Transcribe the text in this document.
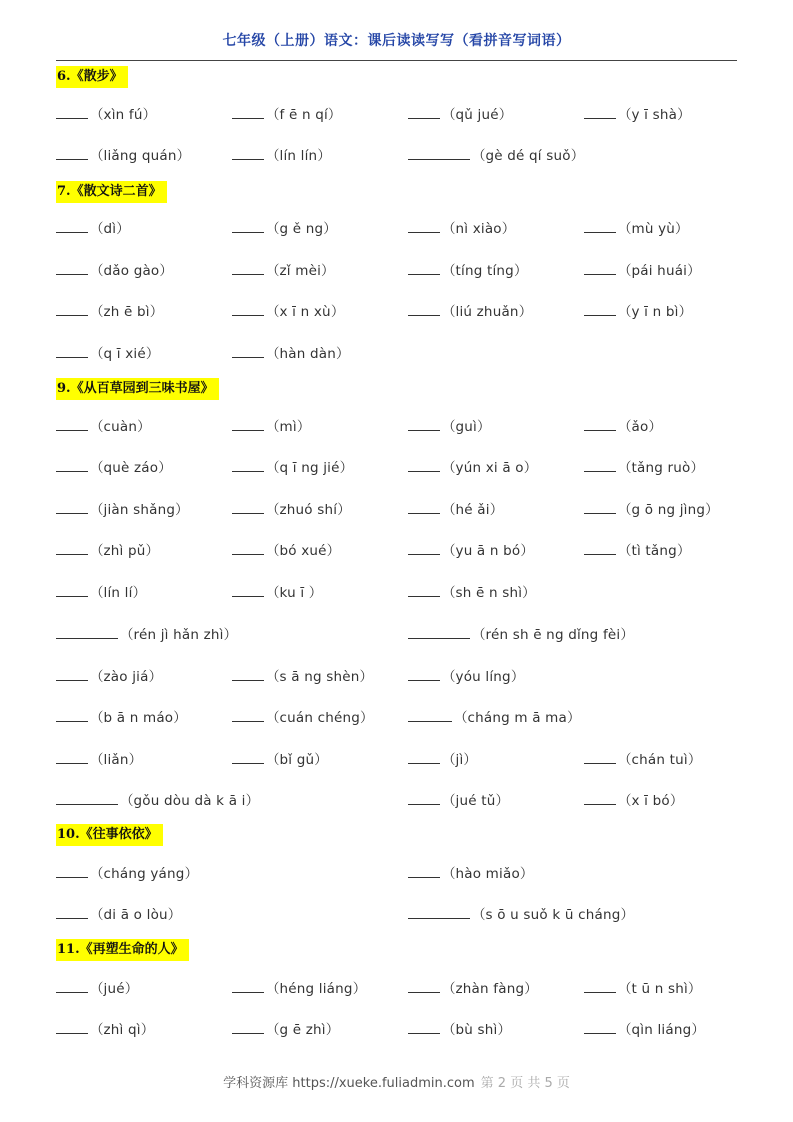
七年级（上册）语文：课后读读写写（看拼音写词语）
6.《散步》
（xìn fú）	（f ē n qí）	（qǔ jué）	（y ī shà）
（liǎng quán）	（lín lín）	（gè dé qí suǒ）
7.《散文诗二首》
（dì）	（g ě ng）	（nì xiào）	（mù yù）
（dǎo gào）	（zǐ mèi）	（tíng tíng）	（pái huái）
（zh ē bì）	（x ī n xù）	（liú zhuǎn）	（y ī n bì）
（q ī xié）	（hàn dàn）
9.《从百草园到三味书屋》
（cuàn）	（mì）	（guì）	（ǎo）
（què záo）	（q ī ng jié）	（yún xi ā o）	（tǎng ruò）
（jiàn shǎng）	（zhuó shí）	（hé ǎi）	（g ō ng jìng）
（zhì pǔ）	（bó xué）	（yu ā n bó）	（tì tǎng）
（lín lí）	（ku ī ）	（sh ē n shì）
（rén jì hǎn zhì）	（rén sh ē ng dǐng fèi）
（zào jiá）	（s ā ng shèn）	（yóu líng）
（b ā n máo）	（cuán chéng）	（cháng m ā ma）
（liǎn）	（bǐ gǔ）	（jì）	（chán tuì）
（gǒu dòu dà k ā i）	（jué tǔ）	（x ī bó）
10.《往事依依》
（cháng yáng）	（hào miǎo）
（di ā o lòu）	（s ō u suǒ k ū cháng）
11.《再塑生命的人》
（jué）	（héng liáng）	（zhàn fàng）	（t ū n shì）
（zhì qì）	（g ē zhì）	（bù shì）	（qìn liáng）
学科资源库 https://xueke.fuliadmin.com 第 2 页 共 5 页
